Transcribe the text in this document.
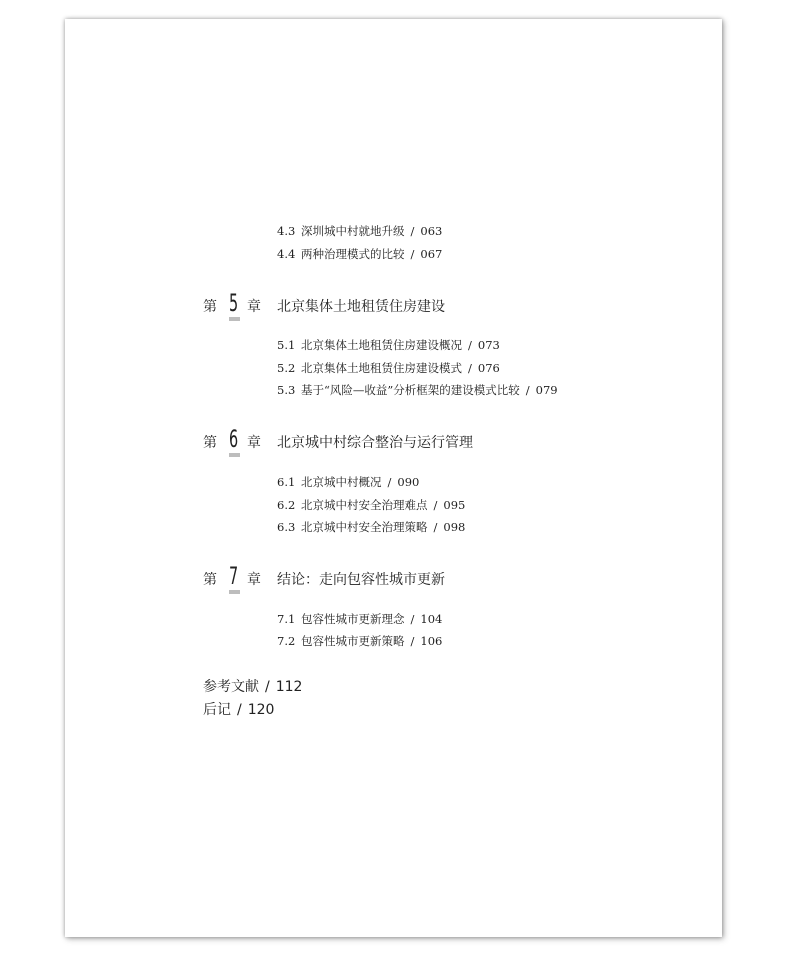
4.3 深圳城中村就地升级 / 063
4.4 两种治理模式的比较 / 067
第 5 章 北京集体土地租赁住房建设
5.1 北京集体土地租赁住房建设概况 / 073
5.2 北京集体土地租赁住房建设模式 / 076
5.3 基于“风险—收益”分析框架的建设模式比较 / 079
第 6 章 北京城中村综合整治与运行管理
6.1 北京城中村概况 / 090
6.2 北京城中村安全治理难点 / 095
6.3 北京城中村安全治理策略 / 098
第 7 章 结论：走向包容性城市更新
7.1 包容性城市更新理念 / 104
7.2 包容性城市更新策略 / 106
参考文献 / 112
后记 / 120
